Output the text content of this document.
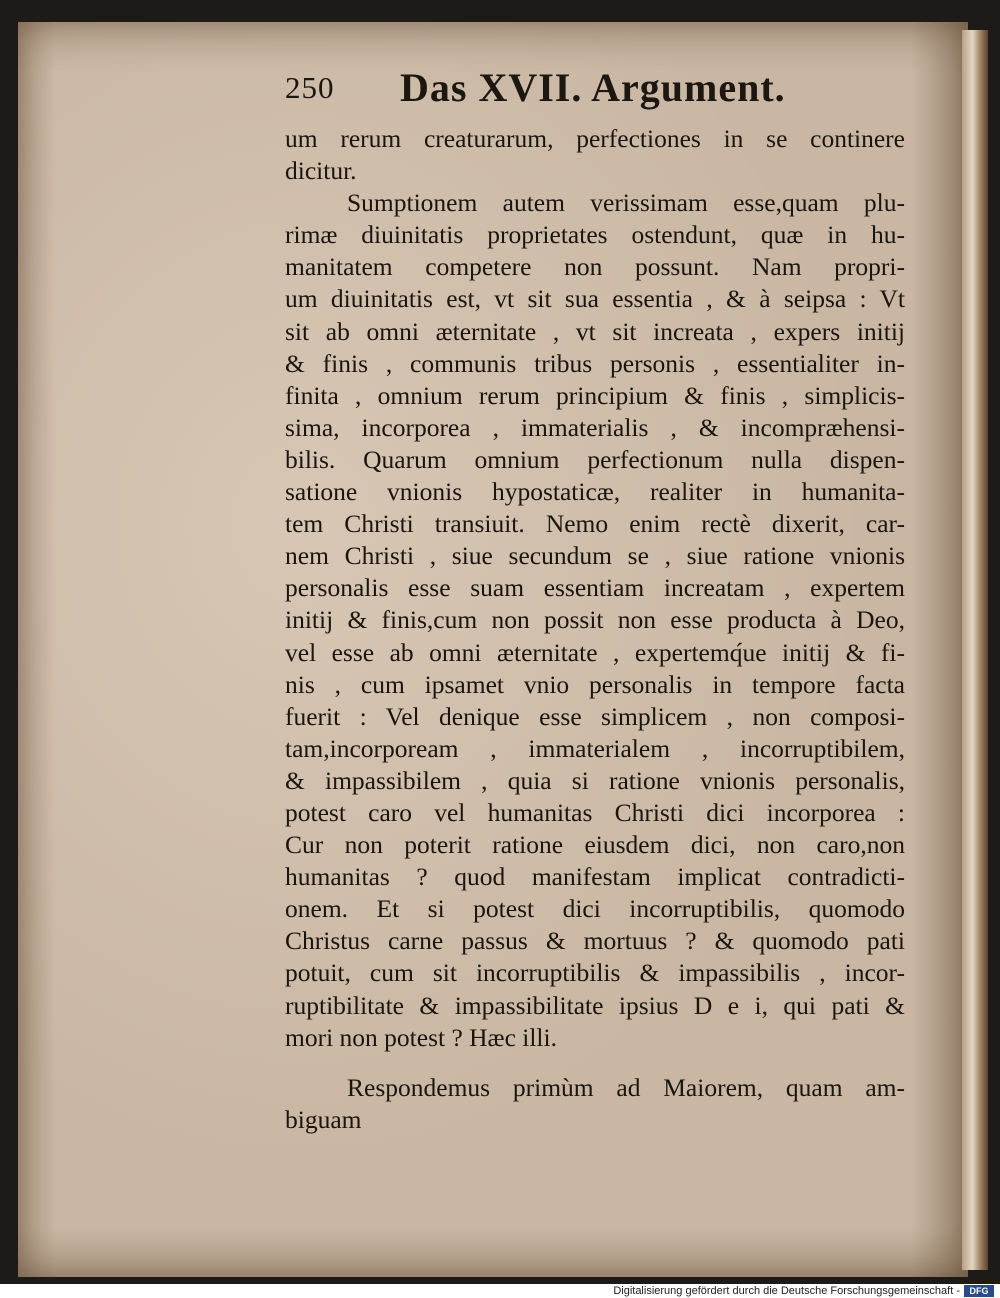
250 Das XVII. Argument.
um rerum creaturarum, perfectiones in se continere
dicitur.
Sumptionem autem verissimam esse,quam plu-
rimæ diuinitatis proprietates ostendunt, quæ in hu-
manitatem competere non possunt. Nam propri-
um diuinitatis est, vt sit sua essentia , & à seipsa : Vt
sit ab omni æternitate , vt sit increata , expers initij
& finis , communis tribus personis , essentialiter in-
finita , omnium rerum principium & finis , simplicis-
sima, incorporea , immaterialis , & incompræhensi-
bilis. Quarum omnium perfectionum nulla dispen-
satione vnionis hypostaticæ, realiter in humanita-
tem Christi transiuit. Nemo enim rectè dixerit, car-
nem Christi , siue secundum se , siue ratione vnionis
personalis esse suam essentiam increatam , expertem
initij & finis,cum non possit non esse producta à Deo,
vel esse ab omni æternitate , expertemq́ue initij & fi-
nis , cum ipsamet vnio personalis in tempore facta
fuerit : Vel denique esse simplicem , non composi-
tam,incorpoream , immaterialem , incorruptibilem,
& impassibilem , quia si ratione vnionis personalis,
potest caro vel humanitas Christi dici incorporea :
Cur non poterit ratione eiusdem dici, non caro,non
humanitas ? quod manifestam implicat contradicti-
onem. Et si potest dici incorruptibilis, quomodo
Christus carne passus & mortuus ? & quomodo pati
potuit, cum sit incorruptibilis & impassibilis , incor-
ruptibilitate & impassibilitate ipsius D e i, qui pati &
mori non potest ? Hæc illi.
Respondemus primùm ad Maiorem, quam am-
biguam
Digitalisierung gefördert durch die Deutsche Forschungsgemeinschaft -	DFG
